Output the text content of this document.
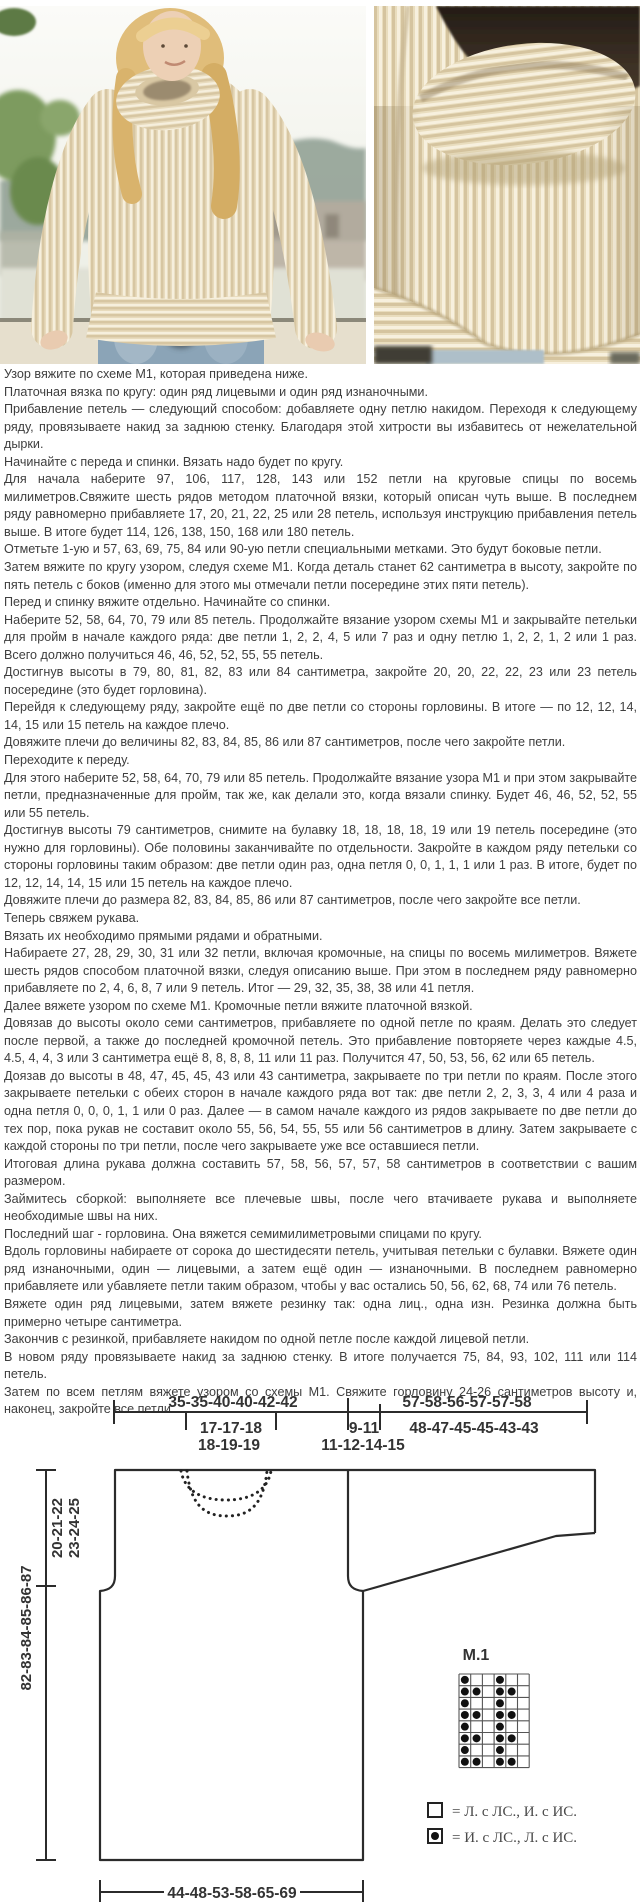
Узор вяжите по схеме М1, которая приведена ниже.

Платочная вязка по кругу: один ряд лицевыми и один ряд изнаночными.

Прибавление петель — следующий способом: добавляете одну петлю накидом. Переходя к следующему ряду, провязываете накид за заднюю стенку. Благодаря этой хитрости вы избавитесь от нежелательной дырки.

Начинайте с переда и спинки. Вязать надо будет по кругу.

Для начала наберите 97, 106, 117, 128, 143 или 152 петли на круговые спицы по восемь милиметров.Свяжите шесть рядов методом платочной вязки, который описан чуть выше. В последнем ряду равномерно прибавляете 17, 20, 21, 22, 25 или 28 петель, используя инструкцию прибавления петель выше. В итоге будет 114, 126, 138, 150, 168 или 180 петель.

Отметьте 1-ую и 57, 63, 69, 75, 84 или 90-ую петли специальными метками. Это будут боковые петли.

Затем вяжите по кругу узором, следуя схеме М1. Когда деталь станет 62 сантиметра в высоту, закройте по пять петель с боков (именно для этого мы отмечали петли посередине этих пяти петель).

Перед и спинку вяжите отдельно. Начинайте со спинки.

Наберите 52, 58, 64, 70, 79 или 85 петель. Продолжайте вязание узором схемы М1 и закрывайте петельки для пройм в начале каждого ряда: две петли 1, 2, 2, 4, 5 или 7 раз и одну петлю 1, 2, 2, 1, 2 или 1 раз. Всего должно получиться 46, 46, 52, 52, 55, 55 петель.

Достигнув высоты в 79, 80, 81, 82, 83 или 84 сантиметра, закройте 20, 20, 22, 22, 23 или 23 петель посередине (это будет горловина).

Перейдя к следующему ряду, закройте ещё по две петли со стороны горловины. В итоге — по 12, 12, 14, 14, 15 или 15 петель на каждое плечо.

Довяжите плечи до величины 82, 83, 84, 85, 86 или 87 сантиметров, после чего закройте петли.

Переходите к переду.

Для этого наберите 52, 58, 64, 70, 79 или 85 петель. Продолжайте вязание узора М1 и при этом закрывайте петли, предназначенные для пройм, так же, как делали это, когда вязали спинку. Будет 46, 46, 52, 52, 55 или 55 петель.

Достигнув высоты 79 сантиметров, снимите на булавку 18, 18, 18, 18, 19 или 19 петель посередине (это нужно для горловины). Обе половины заканчивайте по отдельности. Закройте в каждом ряду петельки со стороны горловины таким образом: две петли один раз, одна петля 0, 0, 1, 1, 1 или 1 раз. В итоге, будет по 12, 12, 14, 14, 15 или 15 петель на каждое плечо.

Довяжите плечи до размера 82, 83, 84, 85, 86 или 87 сантиметров, после чего закройте все петли.

Теперь свяжем рукава.

Вязать их необходимо прямыми рядами и обратными.

Набираете 27, 28, 29, 30, 31 или 32 петли, включая кромочные, на спицы по восемь милиметров. Вяжете шесть рядов способом платочной вязки, следуя описанию выше. При этом в последнем ряду равномерно прибавляете по 2, 4, 6, 8, 7 или 9 петель. Итог — 29, 32, 35, 38, 38 или 41 петля.

Далее вяжете узором по схеме М1. Кромочные петли вяжите платочной вязкой.

Довязав до высоты около семи сантиметров, прибавляете по одной петле по краям. Делать это следует после первой, а также до последней кромочной петель. Это прибавление повторяете через каждые 4.5, 4.5, 4, 4, 3 или 3 сантиметра ещё 8, 8, 8, 8, 11 или 11 раз. Получится 47, 50, 53, 56, 62 или 65 петель.

Доязав до высоты в 48, 47, 45, 45, 43 или 43 сантиметра, закрываете по три петли по краям. После этого закрываете петельки с обеих сторон в начале каждого ряда вот так: две петли 2, 2, 3, 3, 4 или 4 раза и одна петля 0, 0, 0, 1, 1 или 0 раз. Далее — в самом начале каждого из рядов закрываете по две петли до тех пор, пока рукав не составит около 55, 56, 54, 55, 55 или 56 сантиметров в длину. Затем закрываете с каждой стороны по три петли, после чего закрываете уже все оставшиеся петли.

Итоговая длина рукава должна составить 57, 58, 56, 57, 57, 58 сантиметров в соответствии с вашим размером.

Займитесь сборкой: выполняете все плечевые швы, после чего втачиваете рукава и выполняете необходимые швы на них.

Последний шаг - горловина. Она вяжется семимилиметровыми спицами по кругу.

Вдоль горловины набираете от сорока до шестидесяти петель, учитывая петельки с булавки. Вяжете один ряд изнаночными, один — лицевыми, а затем ещё один — изнаночными. В последнем равномерно прибавляете или убавляете петли таким образом, чтобы у вас остались 50, 56, 62, 68, 74 или 76 петель.

Вяжете один ряд лицевыми, затем вяжете резинку так: одна лиц., одна изн. Резинка должна быть примерно четыре сантиметра.

Закончив с резинкой, прибавляете накидом по одной петле после каждой лицевой петли.

В новом ряду провязываете накид за заднюю стенку. В итоге получается 75, 84, 93, 102, 111 или 114 петель.

Затем по всем петлям вяжете узором со схемы М1. Свяжите горловину 24-26 сантиметров высоту и, наконец, закройте все петли.

35-35-40-40-42-42	57-58-56-57-57-58
17-17-18
18-19-19
9-11
11-12-14-15
48-47-45-45-43-43
20-21-22 23-24-25
82-83-84-85-86-87	М.1
= Л. с ЛС., И. с ИС.
= И. с ЛС., Л. с ИС.
44-48-53-58-65-69
